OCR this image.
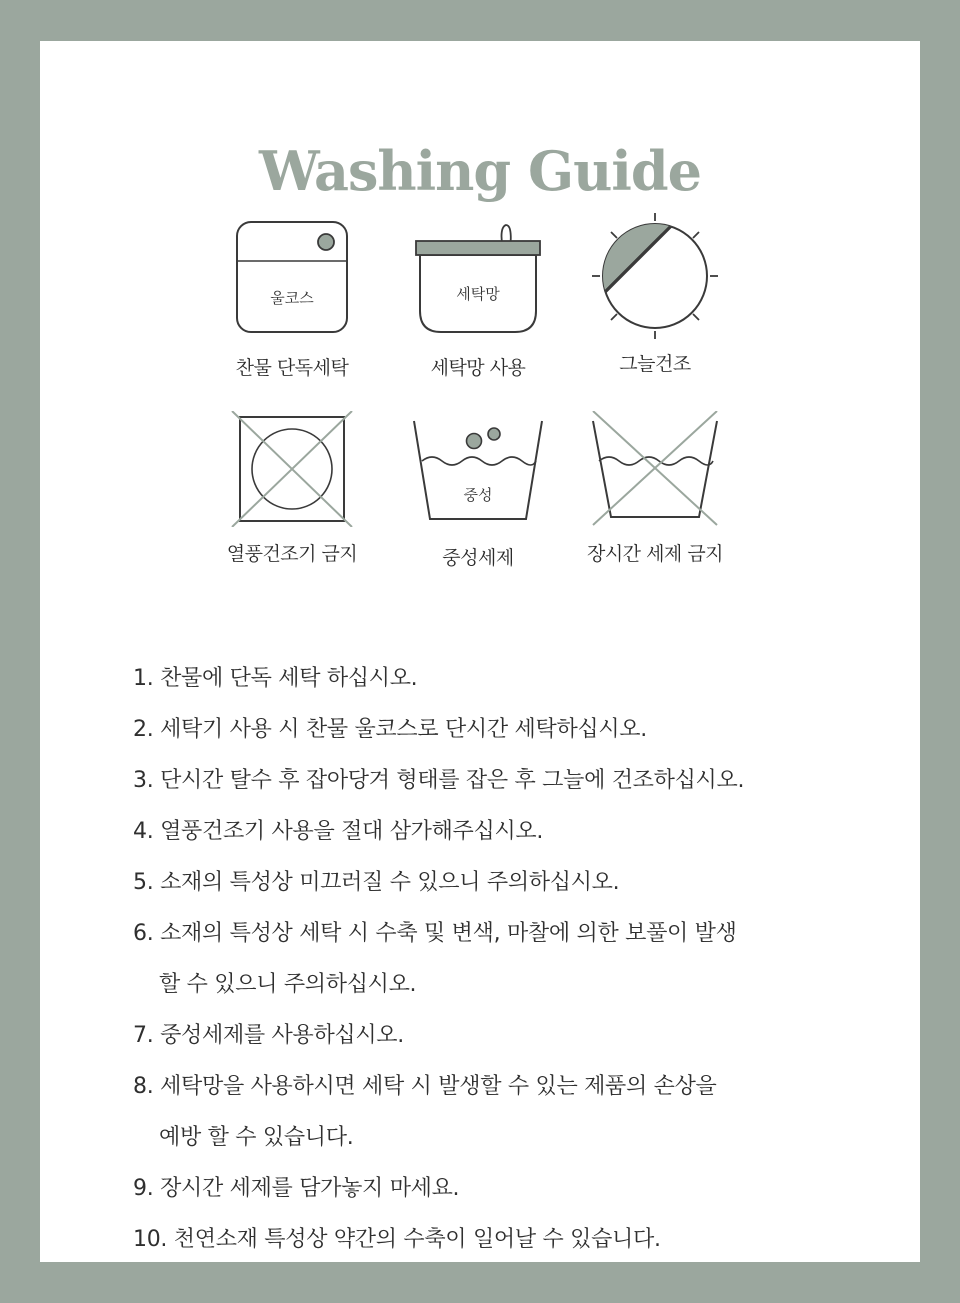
Washing Guide
울코스
찬물 단독세탁
세탁망
세탁망 사용	그늘건조
열풍건조기 금지
중성
중성세제	장시간 세제 금지
1. 찬물에 단독 세탁 하십시오.
2. 세탁기 사용 시 찬물 울코스로 단시간 세탁하십시오.
3. 단시간 탈수 후 잡아당겨 형태를 잡은 후 그늘에 건조하십시오.
4. 열풍건조기 사용을 절대 삼가해주십시오.
5. 소재의 특성상 미끄러질 수 있으니 주의하십시오.
6. 소재의 특성상 세탁 시 수축 및 변색, 마찰에 의한 보풀이 발생
할 수 있으니 주의하십시오.
7. 중성세제를 사용하십시오.
8. 세탁망을 사용하시면 세탁 시 발생할 수 있는 제품의 손상을
예방 할 수 있습니다.
9. 장시간 세제를 담가놓지 마세요.
10. 천연소재 특성상 약간의 수축이 일어날 수 있습니다.
